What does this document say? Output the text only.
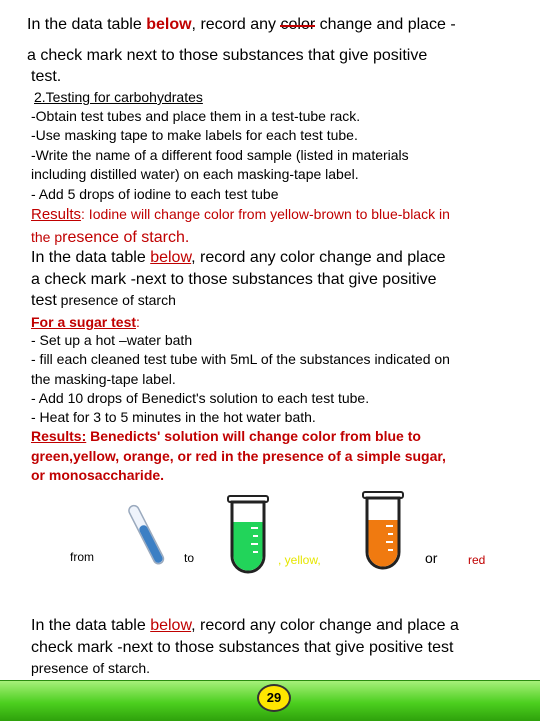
In the data table below, record any color change and place -
a check mark next to those substances that give positive
test.
2.Testing for carbohydrates
-Obtain test tubes and place them in a test-tube rack.
-Use masking tape to make labels for each test tube.
-Write the name of a different food sample (listed in materials
including distilled water) on each masking-tape label.
- Add 5 drops of iodine to each test tube
Results: Iodine will change color from yellow-brown to blue-black in
the presence of starch.
In the data table below, record any color change and place
a check mark -next to those substances that give positive
test presence of starch
For a sugar test:
- Set up a hot –water bath
- fill each cleaned test tube with 5mL of the substances indicated on
the masking-tape label.
- Add 10 drops of Benedict's solution to each test tube.
- Heat for 3 to 5 minutes in the hot water bath.
Results: Benedicts' solution will change color from blue to
green,yellow, orange, or red in the presence of a simple sugar,
or monosaccharide.
from	to	, yellow,	or	red
In the data table below, record any color change and place a
check mark -next to those substances that give positive test
presence of starch.
29
